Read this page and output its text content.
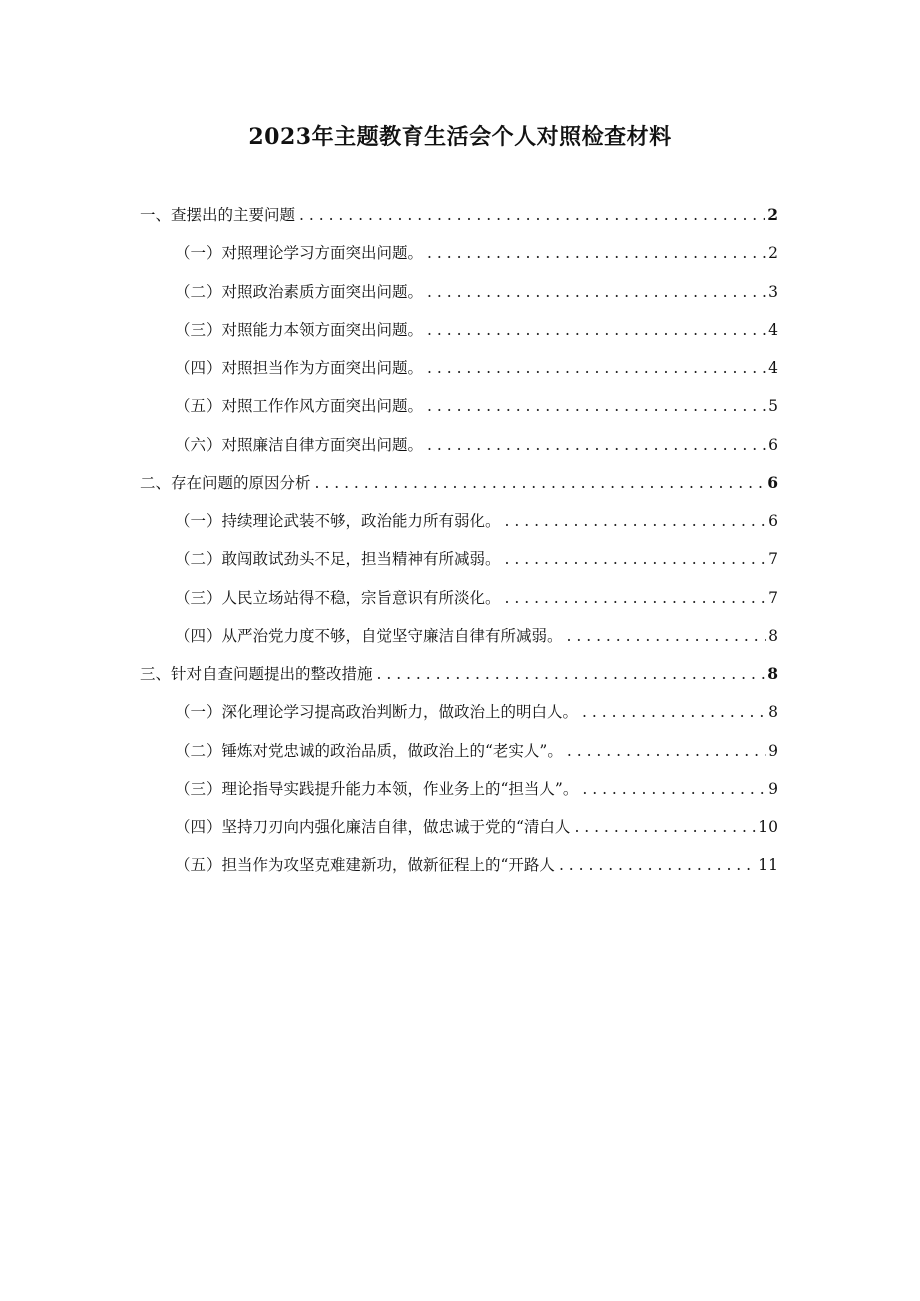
2023年主题教育生活会个人对照检查材料
一、查摆出的主要问题 . . .	2
（一）对照理论学习方面突出问题。 . . .	2
（二）对照政治素质方面突出问题。 . . .	3
（三）对照能力本领方面突出问题。 . . .	4
（四）对照担当作为方面突出问题。 . . .	4
（五）对照工作作风方面突出问题。 . . .	5
（六）对照廉洁自律方面突出问题。 . . .	6
二、存在问题的原因分析 . . .	6
（一）持续理论武装不够，政治能力所有弱化。 . . .	6
（二）敢闯敢试劲头不足，担当精神有所减弱。 . . .	7
（三）人民立场站得不稳，宗旨意识有所淡化。 . . .	7
（四）从严治党力度不够，自觉坚守廉洁自律有所减弱。 . . .	8
三、针对自查问题提出的整改措施 . . .	8
（一）深化理论学习提高政治判断力，做政治上的明白人。 . . .	8
（二）锤炼对党忠诚的政治品质，做政治上的“老实人”。 . . .	9
（三）理论指导实践提升能力本领，作业务上的“担当人”。 . . .	9
（四）坚持刀刃向内强化廉洁自律，做忠诚于党的“清白人 . . .	10
（五）担当作为攻坚克难建新功，做新征程上的“开路人 . . .	11
